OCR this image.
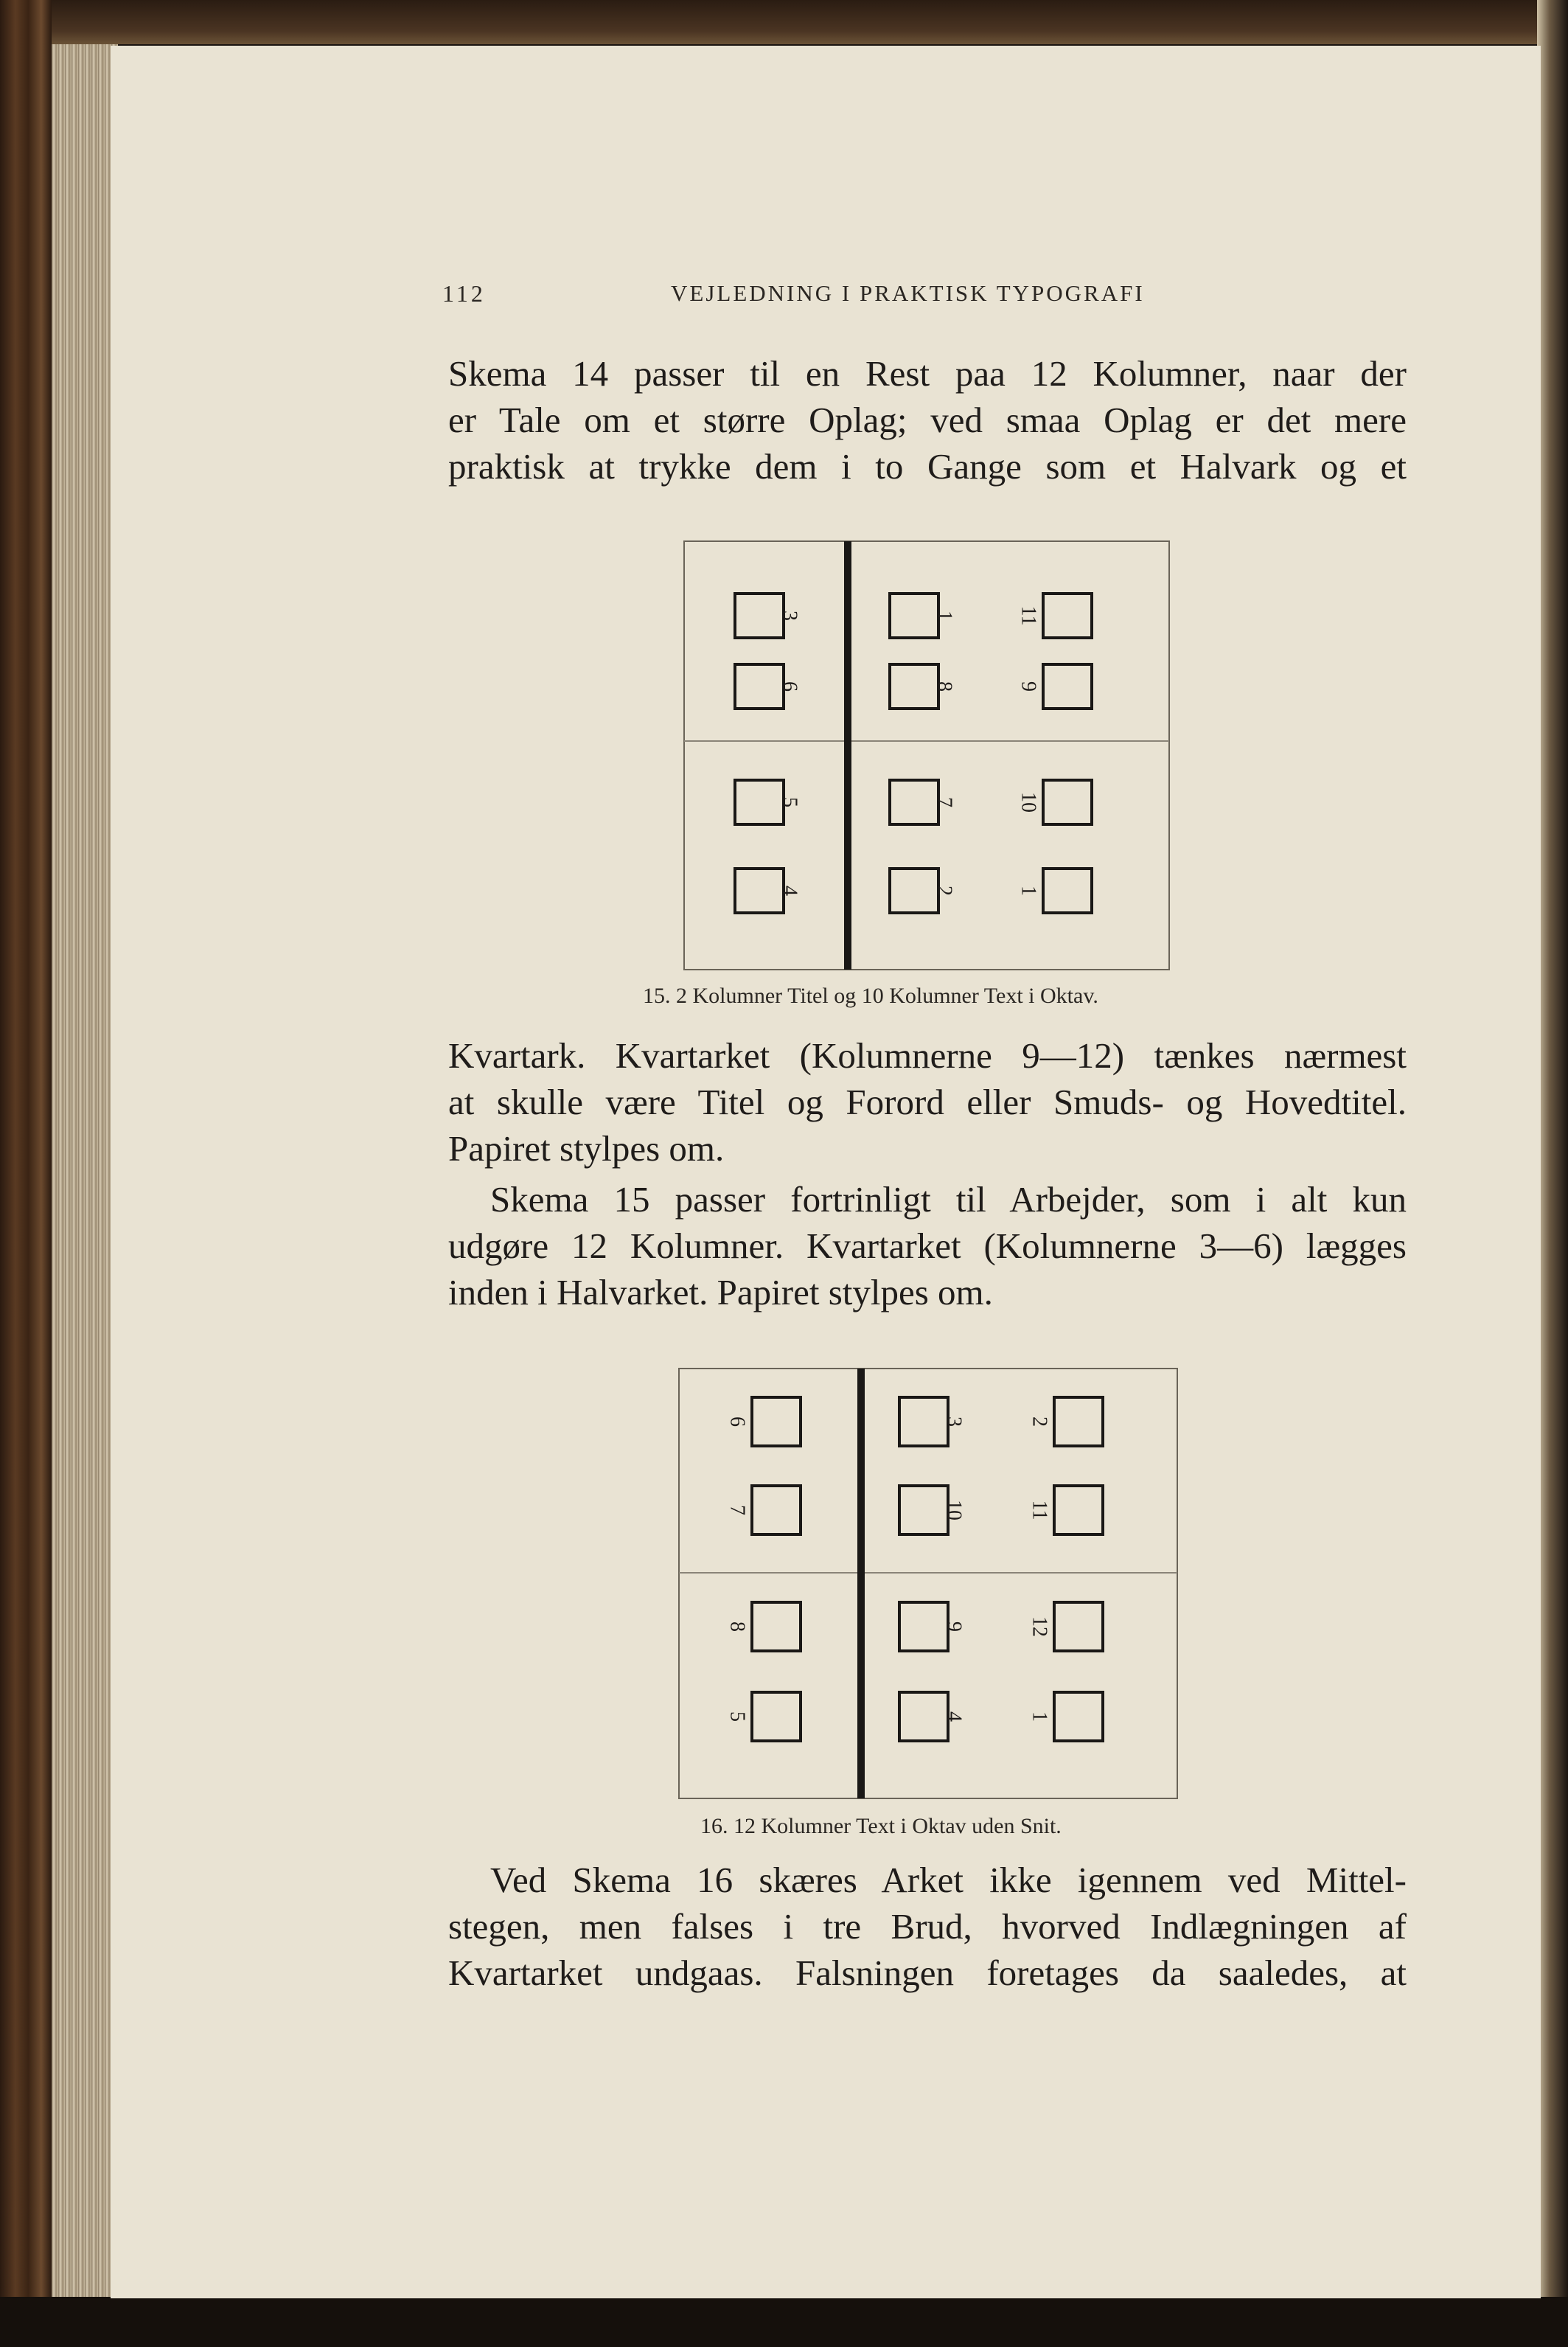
112	VEJLEDNING I PRAKTISK TYPOGRAFI
Skema 14 passer til en Rest paa 12 Kolumner, naar der
er Tale om et større Oplag; ved smaa Oplag er det mere
praktisk at trykke dem i to Gange som et Halvark og et
3	1	11
6	8	9
5	7	10
4	2	1
15. 2 Kolumner Titel og 10 Kolumner Text i Oktav.
Kvartark. Kvartarket (Kolumnerne 9—12) tænkes nærmest
at skulle være Titel og Forord eller Smuds- og Hovedtitel.
Papiret stylpes om.
Skema 15 passer fortrinligt til Arbejder, som i alt kun
udgøre 12 Kolumner. Kvartarket (Kolumnerne 3—6) lægges
inden i Halvarket. Papiret stylpes om.
6	3	2
7	10	11
8	9	12
5	4	1
16. 12 Kolumner Text i Oktav uden Snit.
Ved Skema 16 skæres Arket ikke igennem ved Mittel-
stegen, men falses i tre Brud, hvorved Indlægningen af
Kvartarket undgaas. Falsningen foretages da saaledes, at
